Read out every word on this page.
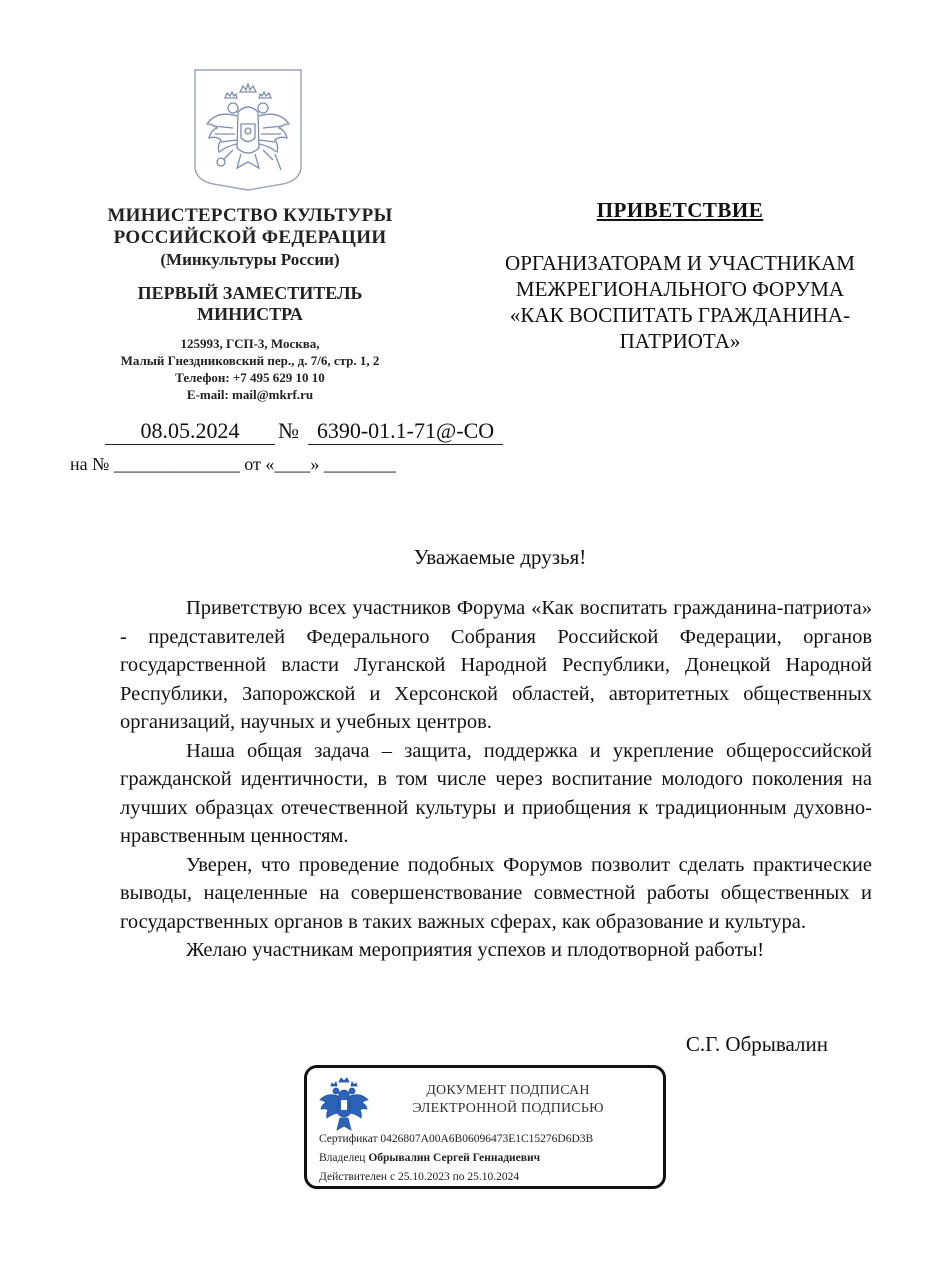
МИНИСТЕРСТВО КУЛЬТУРЫ
РОССИЙСКОЙ ФЕДЕРАЦИИ
(Минкультуры России)
ПЕРВЫЙ ЗАМЕСТИТЕЛЬ
МИНИСТРА
125993, ГСП-3, Москва,
Малый Гнездниковский пер., д. 7/6, стр. 1, 2
Телефон: +7 495 629 10 10
E-mail: mail@mkrf.ru
08.05.2024	№ 6390-01.1-71@-СО
на № ______________ от «____» ________
ПРИВЕТСТВИЕ
ОРГАНИЗАТОРАМ И УЧАСТНИКАМ
МЕЖРЕГИОНАЛЬНОГО ФОРУМА
«КАК ВОСПИТАТЬ ГРАЖДАНИНА-
ПАТРИОТА»
Уважаемые друзья!

Приветствую всех участников Форума «Как воспитать гражданина-патриота» - представителей Федерального Собрания Российской Федерации, органов государственной власти Луганской Народной Республики, Донецкой Народной Республики, Запорожской и Херсонской областей, авторитетных общественных организаций, научных и учебных центров.

Наша общая задача – защита, поддержка и укрепление общероссийской гражданской идентичности, в том числе через воспитание молодого поколения на лучших образцах отечественной культуры и приобщения к традиционным духовно-нравственным ценностям.

Уверен, что проведение подобных Форумов позволит сделать практические выводы, нацеленные на совершенствование совместной работы общественных и государственных органов в таких важных сферах, как образование и культура.

Желаю участникам мероприятия успехов и плодотворной работы!

С.Г. Обрывалин
ДОКУМЕНТ ПОДПИСАН
ЭЛЕКТРОННОЙ ПОДПИСЬЮ
Сертификат 0426807A00A6B06096473E1C15276D6D3B
Владелец Обрывалин Сергей Геннадиевич
Действителен с 25.10.2023 по 25.10.2024
